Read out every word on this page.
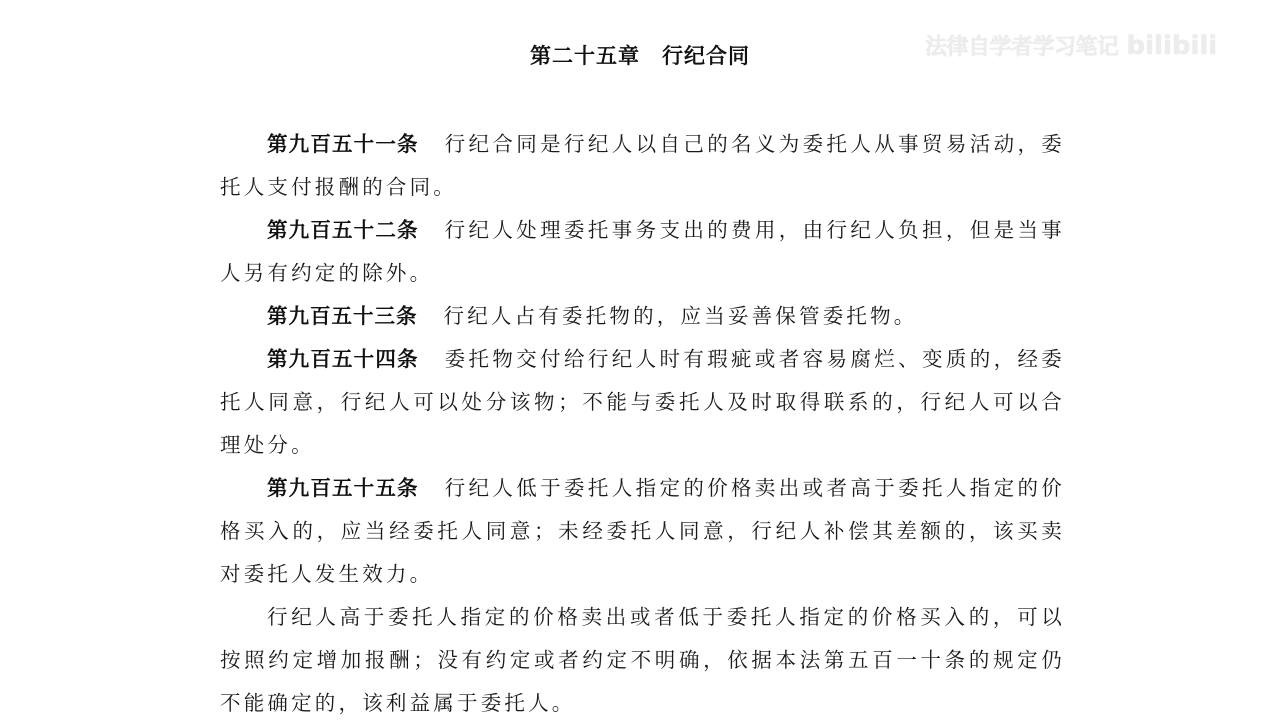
法律自学者学习笔记 bilibili
第二十五章　行纪合同

第九百五十一条 行纪合同是行纪人以自己的名义为委托人从事贸易活动，委托人支付报酬的合同。

第九百五十二条 行纪人处理委托事务支出的费用，由行纪人负担，但是当事人另有约定的除外。

第九百五十三条 行纪人占有委托物的，应当妥善保管委托物。

第九百五十四条 委托物交付给行纪人时有瑕疵或者容易腐烂、变质的，经委托人同意，行纪人可以处分该物；不能与委托人及时取得联系的，行纪人可以合理处分。

第九百五十五条 行纪人低于委托人指定的价格卖出或者高于委托人指定的价格买入的，应当经委托人同意；未经委托人同意，行纪人补偿其差额的，该买卖对委托人发生效力。

行纪人高于委托人指定的价格卖出或者低于委托人指定的价格买入的，可以按照约定增加报酬；没有约定或者约定不明确，依据本法第五百一十条的规定仍不能确定的，该利益属于委托人。
